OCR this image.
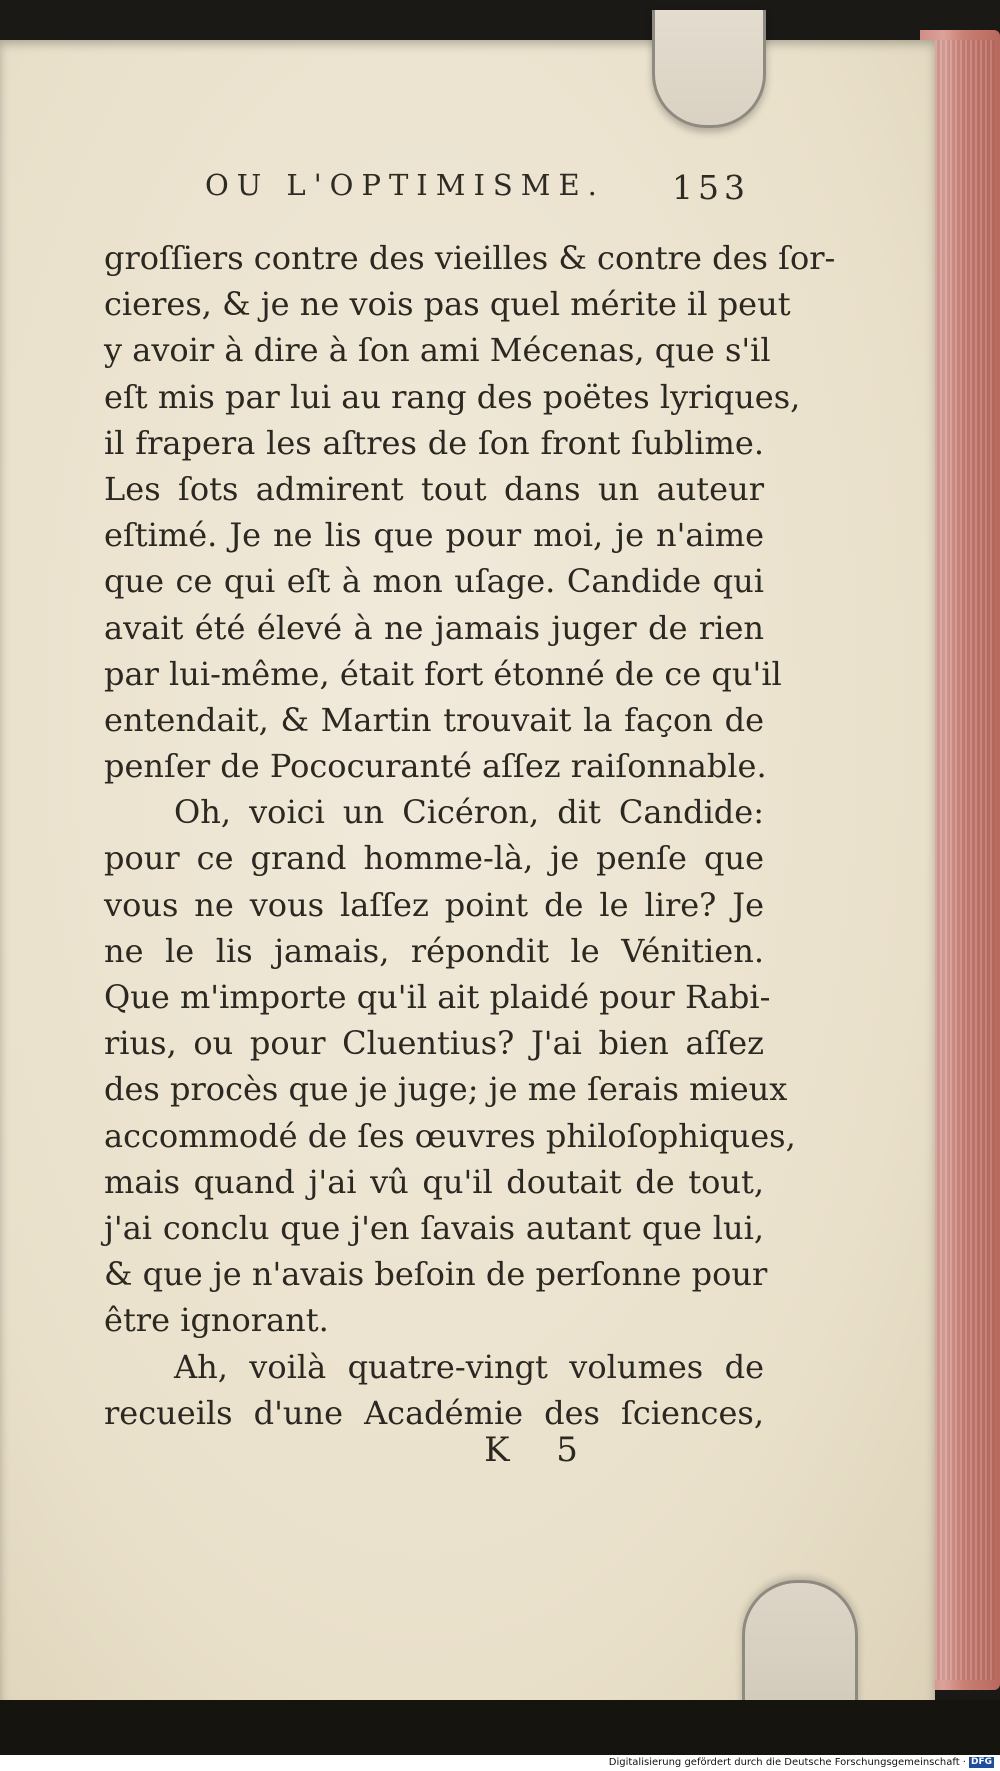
OU L'OPTIMISME. 153
groſſiers contre des vieilles & contre des ſor-
cieres, & je ne vois pas quel mérite il peut
y avoir à dire à ſon ami Mécenas, que s'il
eſt mis par lui au rang des poëtes lyriques,
il frapera les aſtres de ſon front ſublime.
Les ſots admirent tout dans un auteur
eſtimé. Je ne lis que pour moi, je n'aime
que ce qui eſt à mon uſage. Candide qui
avait été élevé à ne jamais juger de rien
par lui-même, était fort étonné de ce qu'il
entendait, & Martin trouvait la façon de
penſer de Pococuranté aſſez raiſonnable.
Oh, voici un Cicéron, dit Candide:
pour ce grand homme-là, je penſe que
vous ne vous laſſez point de le lire? Je
ne le lis jamais, répondit le Vénitien.
Que m'importe qu'il ait plaidé pour Rabi-
rius, ou pour Cluentius? J'ai bien aſſez
des procès que je juge; je me ſerais mieux
accommodé de ſes œuvres philoſophiques,
mais quand j'ai vû qu'il doutait de tout,
j'ai conclu que j'en ſavais autant que lui,
& que je n'avais beſoin de perſonne pour
être ignorant.
Ah, voilà quatre-vingt volumes de
recueils d'une Académie des ſciences,
K 5
Digitalisierung gefördert durch die Deutsche Forschungsgemeinschaft · DFG
